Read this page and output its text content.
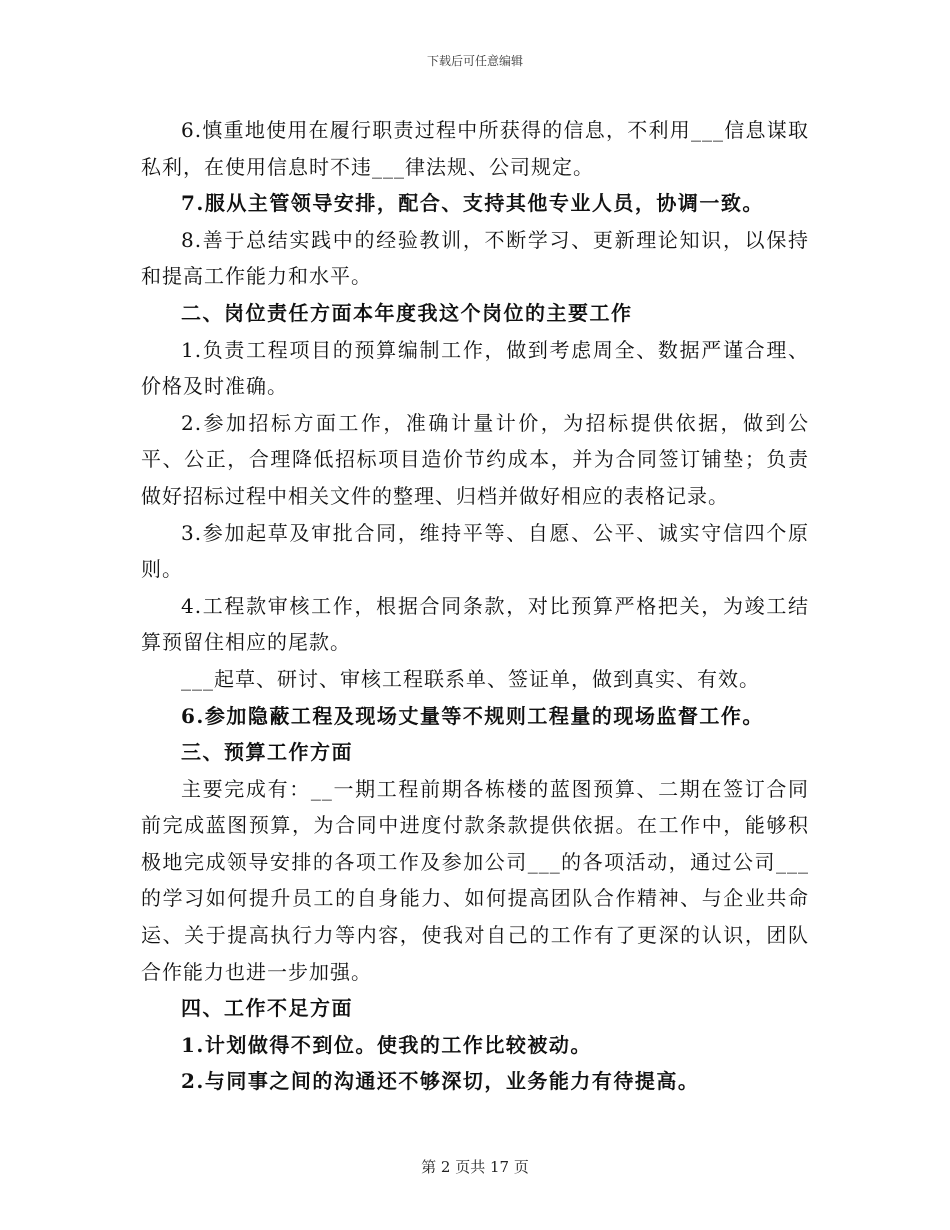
下载后可任意编辑

6.慎重地使用在履行职责过程中所获得的信息，不利用___信息谋取私利，在使用信息时不违___律法规、公司规定。

7.服从主管领导安排，配合、支持其他专业人员，协调一致。

8.善于总结实践中的经验教训，不断学习、更新理论知识，以保持和提高工作能力和水平。

二、岗位责任方面本年度我这个岗位的主要工作

1.负责工程项目的预算编制工作，做到考虑周全、数据严谨合理、价格及时准确。

2.参加招标方面工作，准确计量计价，为招标提供依据，做到公平、公正，合理降低招标项目造价节约成本，并为合同签订铺垫；负责做好招标过程中相关文件的整理、归档并做好相应的表格记录。

3.参加起草及审批合同，维持平等、自愿、公平、诚实守信四个原则。

4.工程款审核工作，根据合同条款，对比预算严格把关，为竣工结算预留住相应的尾款。

___起草、研讨、审核工程联系单、签证单，做到真实、有效。

6.参加隐蔽工程及现场丈量等不规则工程量的现场监督工作。

三、预算工作方面

主要完成有：__一期工程前期各栋楼的蓝图预算、二期在签订合同前完成蓝图预算，为合同中进度付款条款提供依据。在工作中，能够积极地完成领导安排的各项工作及参加公司___的各项活动，通过公司___的学习如何提升员工的自身能力、如何提高团队合作精神、与企业共命运、关于提高执行力等内容，使我对自己的工作有了更深的认识，团队合作能力也进一步加强。

四、工作不足方面

1.计划做得不到位。使我的工作比较被动。

2.与同事之间的沟通还不够深切，业务能力有待提高。

第 2 页共 17 页
